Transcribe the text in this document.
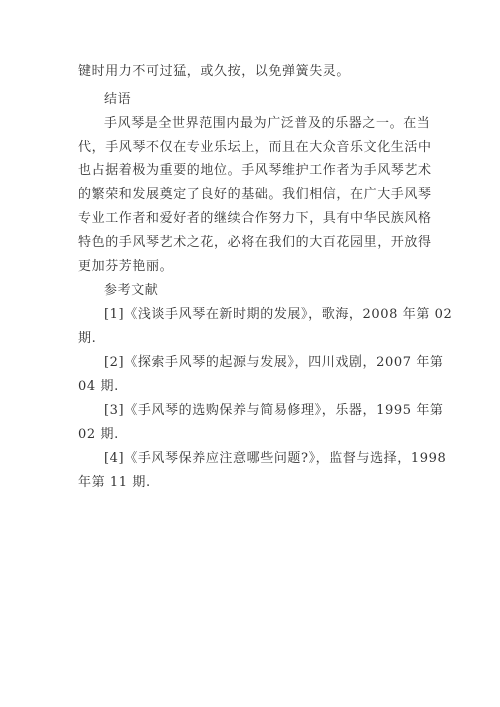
键时用力不可过猛，或久按，以免弹簧失灵。
结语
手风琴是全世界范围内最为广泛普及的乐器之一。在当
代，手风琴不仅在专业乐坛上，而且在大众音乐文化生活中
也占据着极为重要的地位。手风琴维护工作者为手风琴艺术
的繁荣和发展奠定了良好的基础。我们相信，在广大手风琴
专业工作者和爱好者的继续合作努力下，具有中华民族风格
特色的手风琴艺术之花，必将在我们的大百花园里，开放得
更加芬芳艳丽。
参考文献
[1]《浅谈手风琴在新时期的发展》，歌海，2008 年第 02
期.
[2]《探索手风琴的起源与发展》，四川戏剧，2007 年第
04 期.
[3]《手风琴的选购保养与简易修理》，乐器，1995 年第
02 期.
[4]《手风琴保养应注意哪些问题?》，监督与选择，1998
年第 11 期.
